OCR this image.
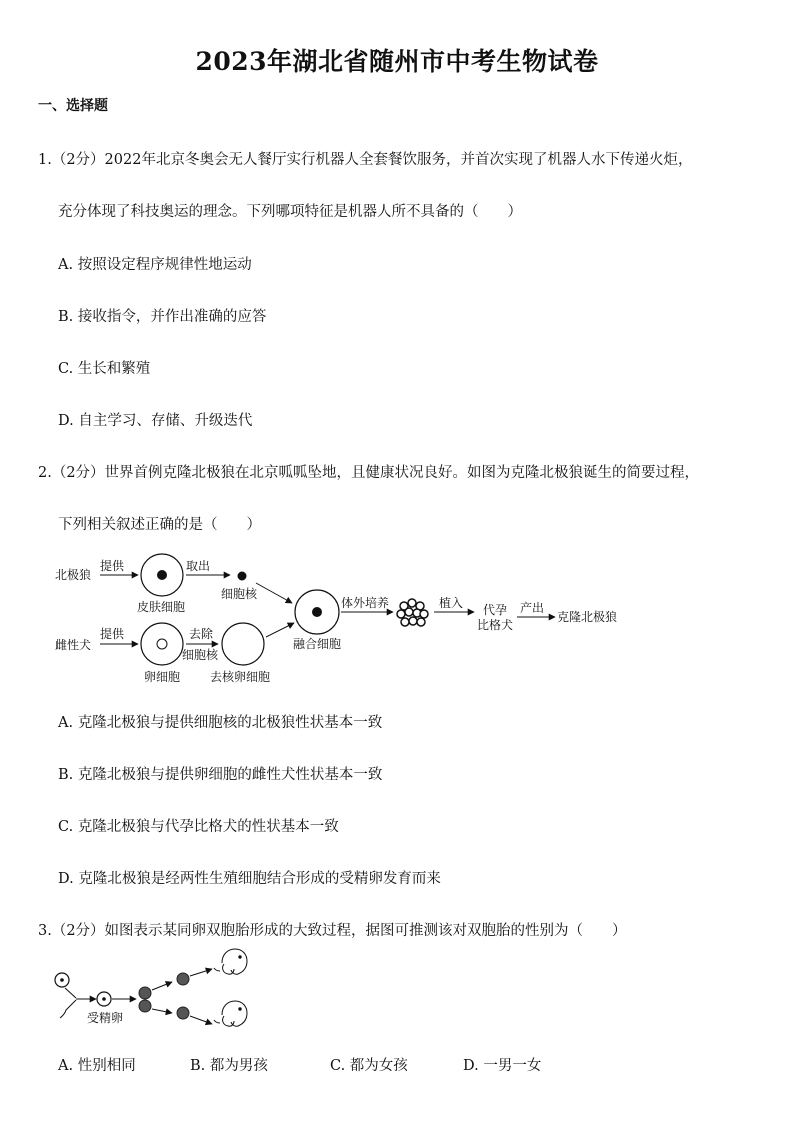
2023年湖北省随州市中考生物试卷
一、选择题
1.（2分）2022年北京冬奥会无人餐厅实行机器人全套餐饮服务，并首次实现了机器人水下传递火炬，
充分体现了科技奥运的理念。下列哪项特征是机器人所不具备的（　　）
A. 按照设定程序规律性地运动
B. 接收指令，并作出准确的应答
C. 生长和繁殖
D. 自主学习、存储、升级迭代
2.（2分）世界首例克隆北极狼在北京呱呱坠地，且健康状况良好。如图为克隆北极狼诞生的简要过程，
下列相关叙述正确的是（　　）
北极狼
提供
皮肤细胞
取出
细胞核
雌性犬
提供
卵细胞
去除
细胞核
去核卵细胞
融合细胞
体外培养	植入 代孕
比格犬
产出
克隆北极狼
A. 克隆北极狼与提供细胞核的北极狼性状基本一致
B. 克隆北极狼与提供卵细胞的雌性犬性状基本一致
C. 克隆北极狼与代孕比格犬的性状基本一致
D. 克隆北极狼是经两性生殖细胞结合形成的受精卵发育而来
3.（2分）如图表示某同卵双胞胎形成的大致过程，据图可推测该对双胞胎的性别为（　　）
受精卵
A. 性别相同	B. 都为男孩	C. 都为女孩	D. 一男一女
